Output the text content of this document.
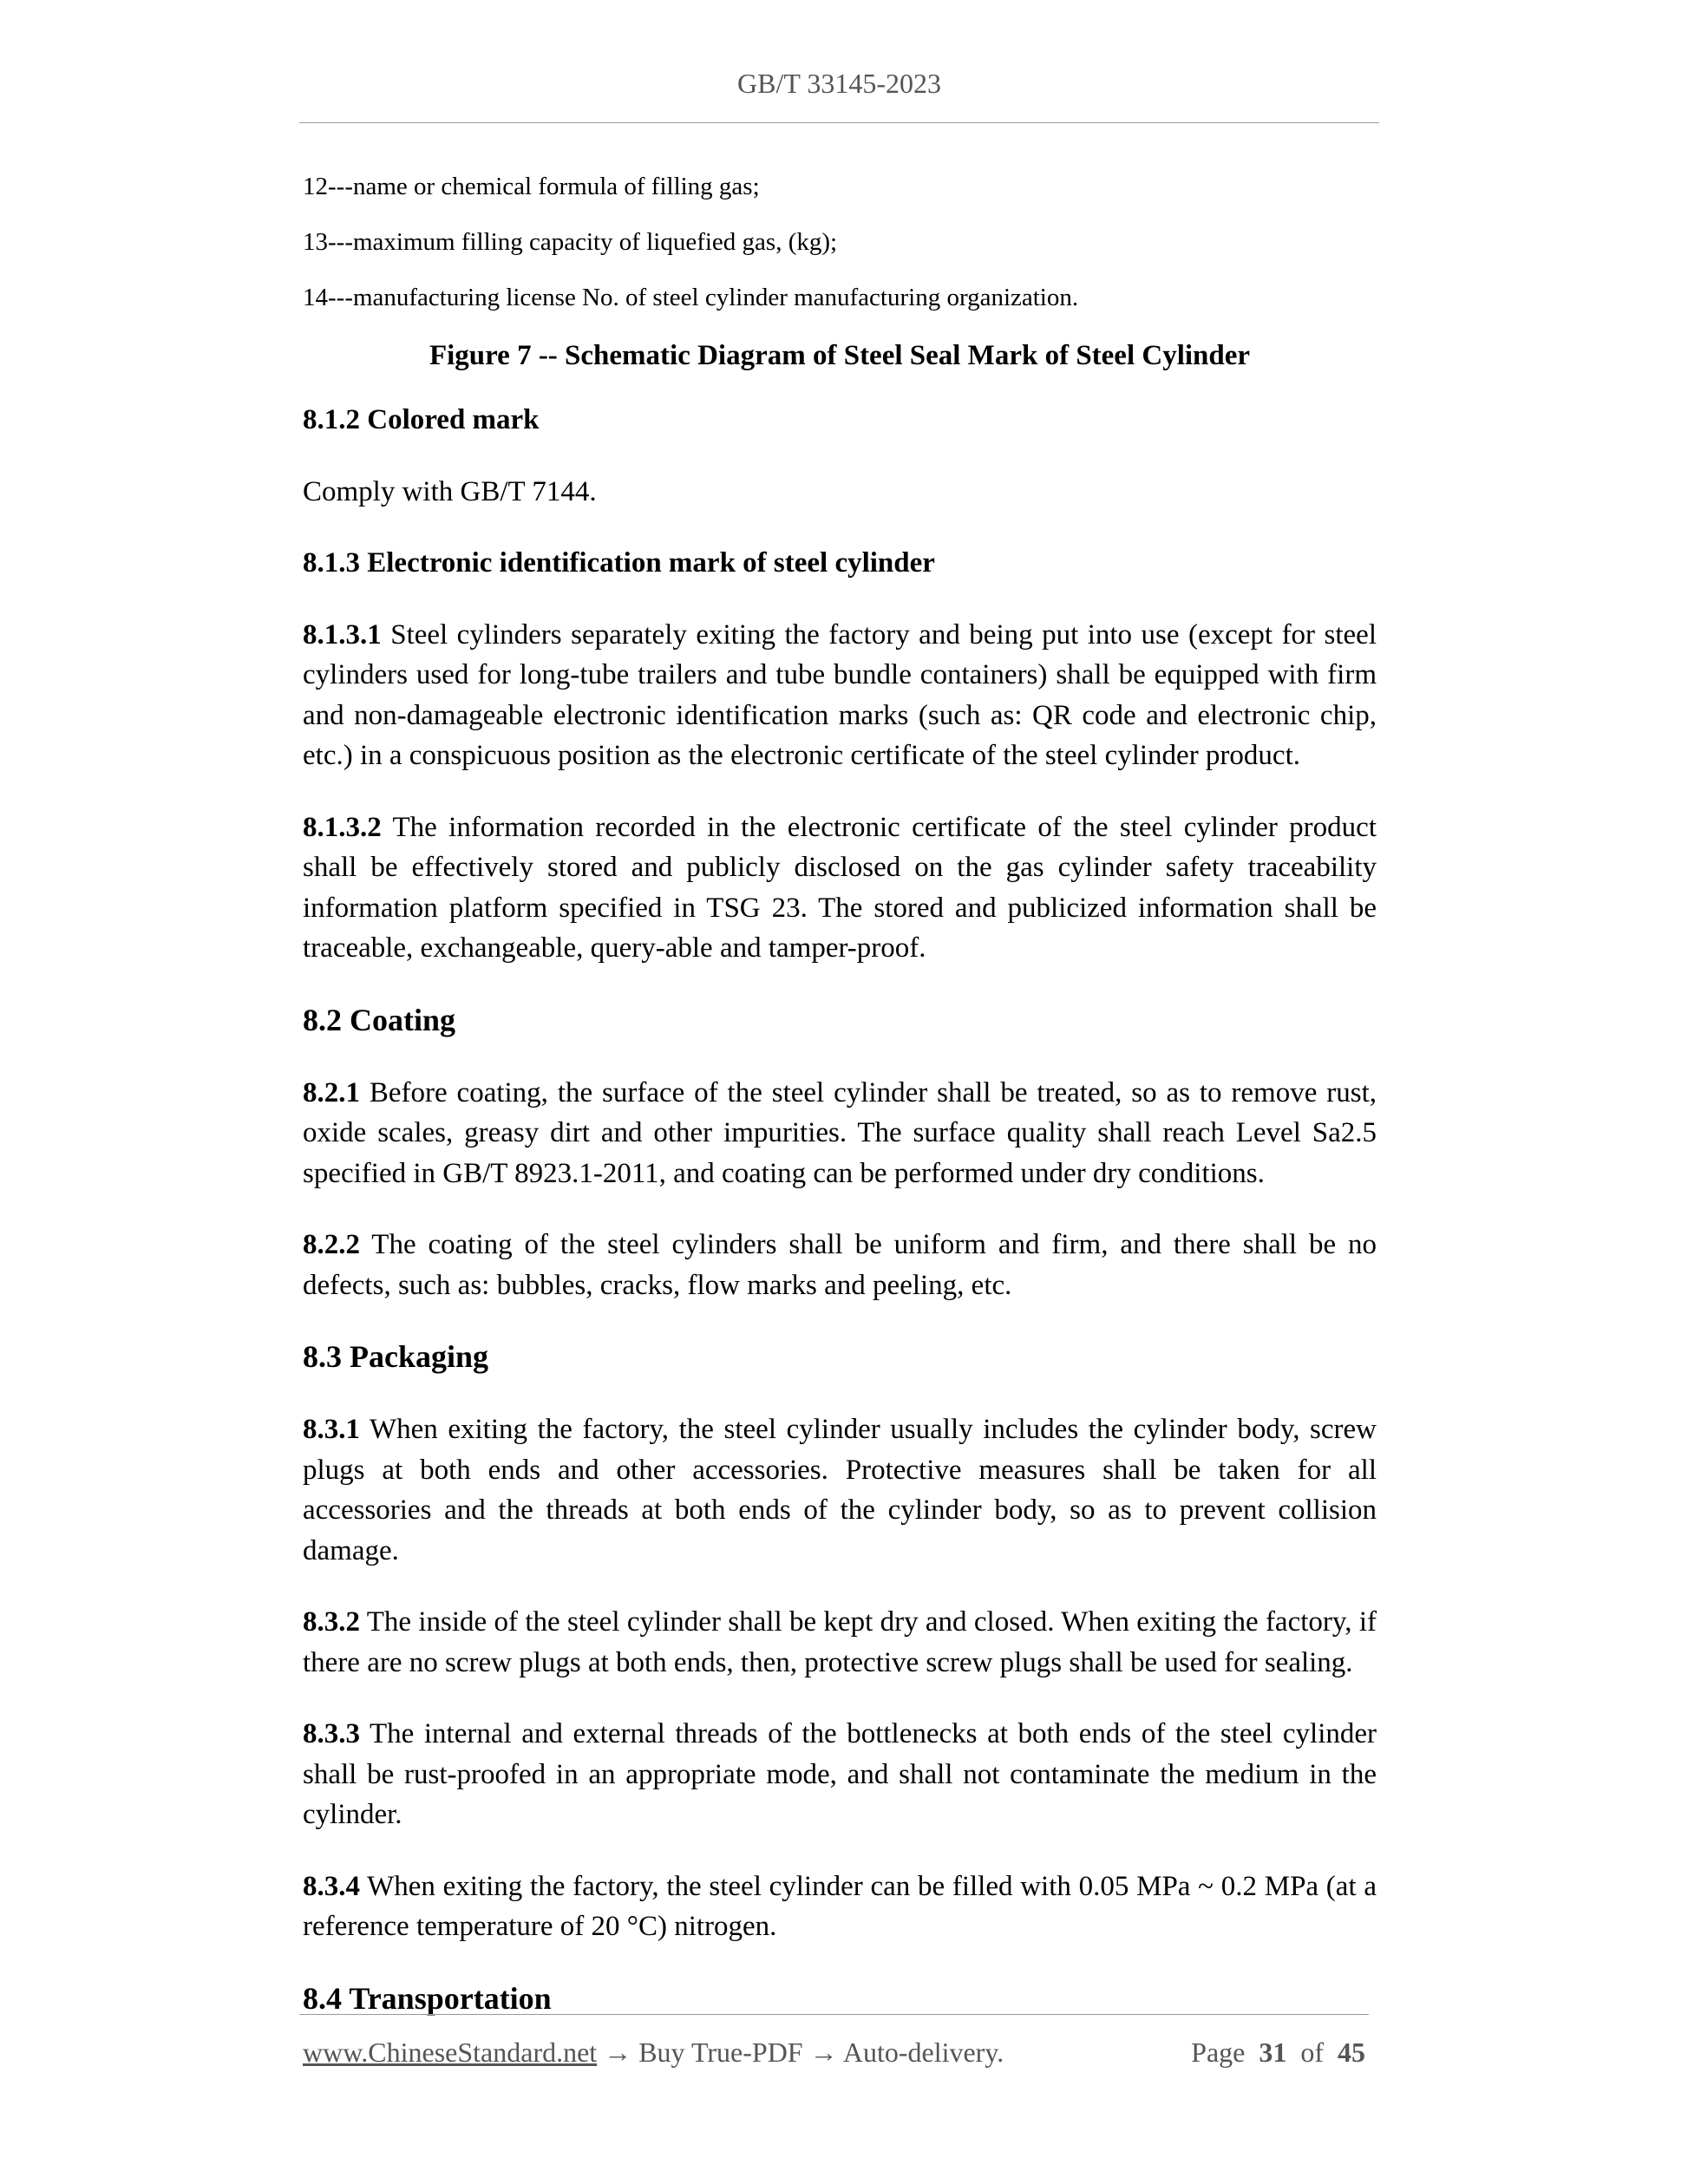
GB/T 33145-2023
12---name or chemical formula of filling gas;
13---maximum filling capacity of liquefied gas, (kg);
14---manufacturing license No. of steel cylinder manufacturing organization.
Figure 7 -- Schematic Diagram of Steel Seal Mark of Steel Cylinder
8.1.2 Colored mark
Comply with GB/T 7144.
8.1.3 Electronic identification mark of steel cylinder
8.1.3.1 Steel cylinders separately exiting the factory and being put into use (except for steel cylinders used for long-tube trailers and tube bundle containers) shall be equipped with firm and non-damageable electronic identification marks (such as: QR code and electronic chip, etc.) in a conspicuous position as the electronic certificate of the steel cylinder product.
8.1.3.2 The information recorded in the electronic certificate of the steel cylinder product shall be effectively stored and publicly disclosed on the gas cylinder safety traceability information platform specified in TSG 23. The stored and publicized information shall be traceable, exchangeable, query-able and tamper-proof.
8.2 Coating
8.2.1 Before coating, the surface of the steel cylinder shall be treated, so as to remove rust, oxide scales, greasy dirt and other impurities. The surface quality shall reach Level Sa2.5 specified in GB/T 8923.1-2011, and coating can be performed under dry conditions.
8.2.2 The coating of the steel cylinders shall be uniform and firm, and there shall be no defects, such as: bubbles, cracks, flow marks and peeling, etc.
8.3 Packaging
8.3.1 When exiting the factory, the steel cylinder usually includes the cylinder body, screw plugs at both ends and other accessories. Protective measures shall be taken for all accessories and the threads at both ends of the cylinder body, so as to prevent collision damage.
8.3.2 The inside of the steel cylinder shall be kept dry and closed. When exiting the factory, if there are no screw plugs at both ends, then, protective screw plugs shall be used for sealing.
8.3.3 The internal and external threads of the bottlenecks at both ends of the steel cylinder shall be rust-proofed in an appropriate mode, and shall not contaminate the medium in the cylinder.
8.3.4 When exiting the factory, the steel cylinder can be filled with 0.05 MPa ~ 0.2 MPa (at a reference temperature of 20 °C) nitrogen.
8.4 Transportation
www.ChineseStandard.net → Buy True-PDF → Auto-delivery.	Page 31 of 45
